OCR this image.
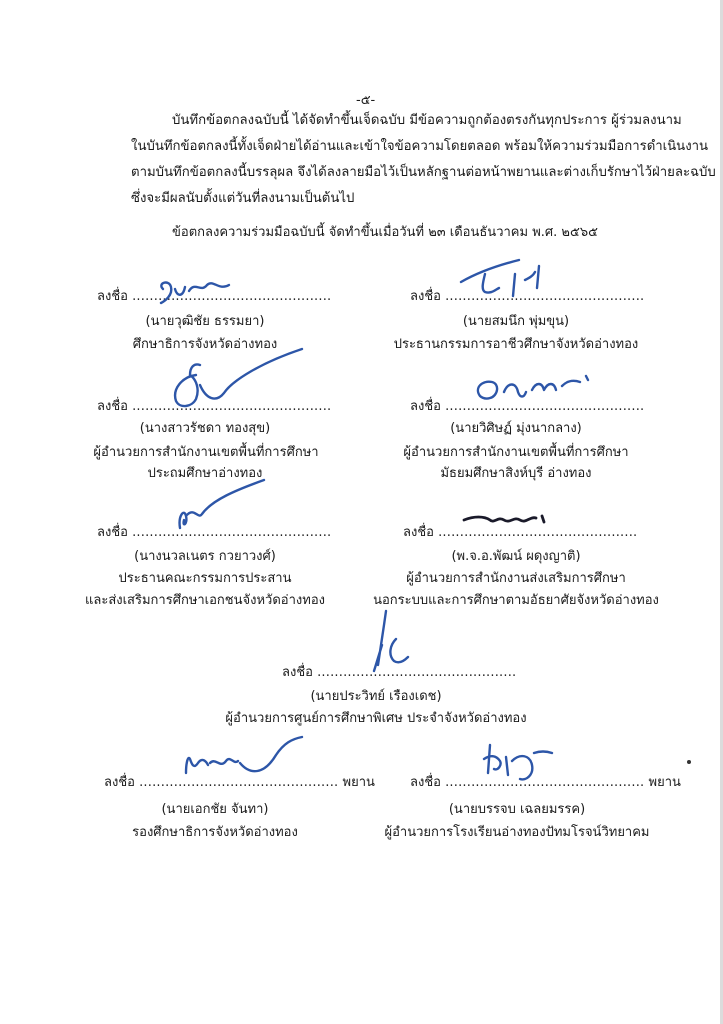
-๕-
บันทึกข้อตกลงฉบับนี้ ได้จัดทำขึ้นเจ็ดฉบับ มีข้อความถูกต้องตรงกันทุกประการ ผู้ร่วมลงนาม
ในบันทึกข้อตกลงนี้ทั้งเจ็ดฝ่ายได้อ่านและเข้าใจข้อความโดยตลอด พร้อมให้ความร่วมมือการดำเนินงาน
ตามบันทึกข้อตกลงนี้บรรลุผล จึงได้ลงลายมือไว้เป็นหลักฐานต่อหน้าพยานและต่างเก็บรักษาไว้ฝ่ายละฉบับ
ซึ่งจะมีผลนับตั้งแต่วันที่ลงนามเป็นต้นไป
ข้อตกลงความร่วมมือฉบับนี้ จัดทำขึ้นเมื่อวันที่ ๒๓ เดือนธันวาคม พ.ศ. ๒๕๖๕
ลงชื่อ ..............................................
(นายวุฒิชัย ธรรมยา)
ศึกษาธิการจังหวัดอ่างทอง
ลงชื่อ ..............................................
(นายสมนึก พุ่มขุน)
ประธานกรรมการอาชีวศึกษาจังหวัดอ่างทอง
ลงชื่อ ..............................................
(นางสาวรัชดา ทองสุข)
ผู้อำนวยการสำนักงานเขตพื้นที่การศึกษา
ประถมศึกษาอ่างทอง
ลงชื่อ ..............................................
(นายวิศิษฏ์ มุ่งนากลาง)
ผู้อำนวยการสำนักงานเขตพื้นที่การศึกษา
มัธยมศึกษาสิงห์บุรี อ่างทอง
ลงชื่อ ..............................................
(นางนวลเนตร กวยาวงศ์)
ประธานคณะกรรมการประสาน
และส่งเสริมการศึกษาเอกชนจังหวัดอ่างทอง
ลงชื่อ ..............................................
(พ.จ.อ.พัฒน์ ผดุงญาติ)
ผู้อำนวยการสำนักงานส่งเสริมการศึกษา
นอกระบบและการศึกษาตามอัธยาศัยจังหวัดอ่างทอง
ลงชื่อ ..............................................
(นายประวิทย์ เรืองเดช)
ผู้อำนวยการศูนย์การศึกษาพิเศษ ประจำจังหวัดอ่างทอง
ลงชื่อ .............................................. พยาน
(นายเอกชัย จันทา)
รองศึกษาธิการจังหวัดอ่างทอง
ลงชื่อ .............................................. พยาน
(นายบรรจบ เฉลยมรรค)
ผู้อำนวยการโรงเรียนอ่างทองปัทมโรจน์วิทยาคม
